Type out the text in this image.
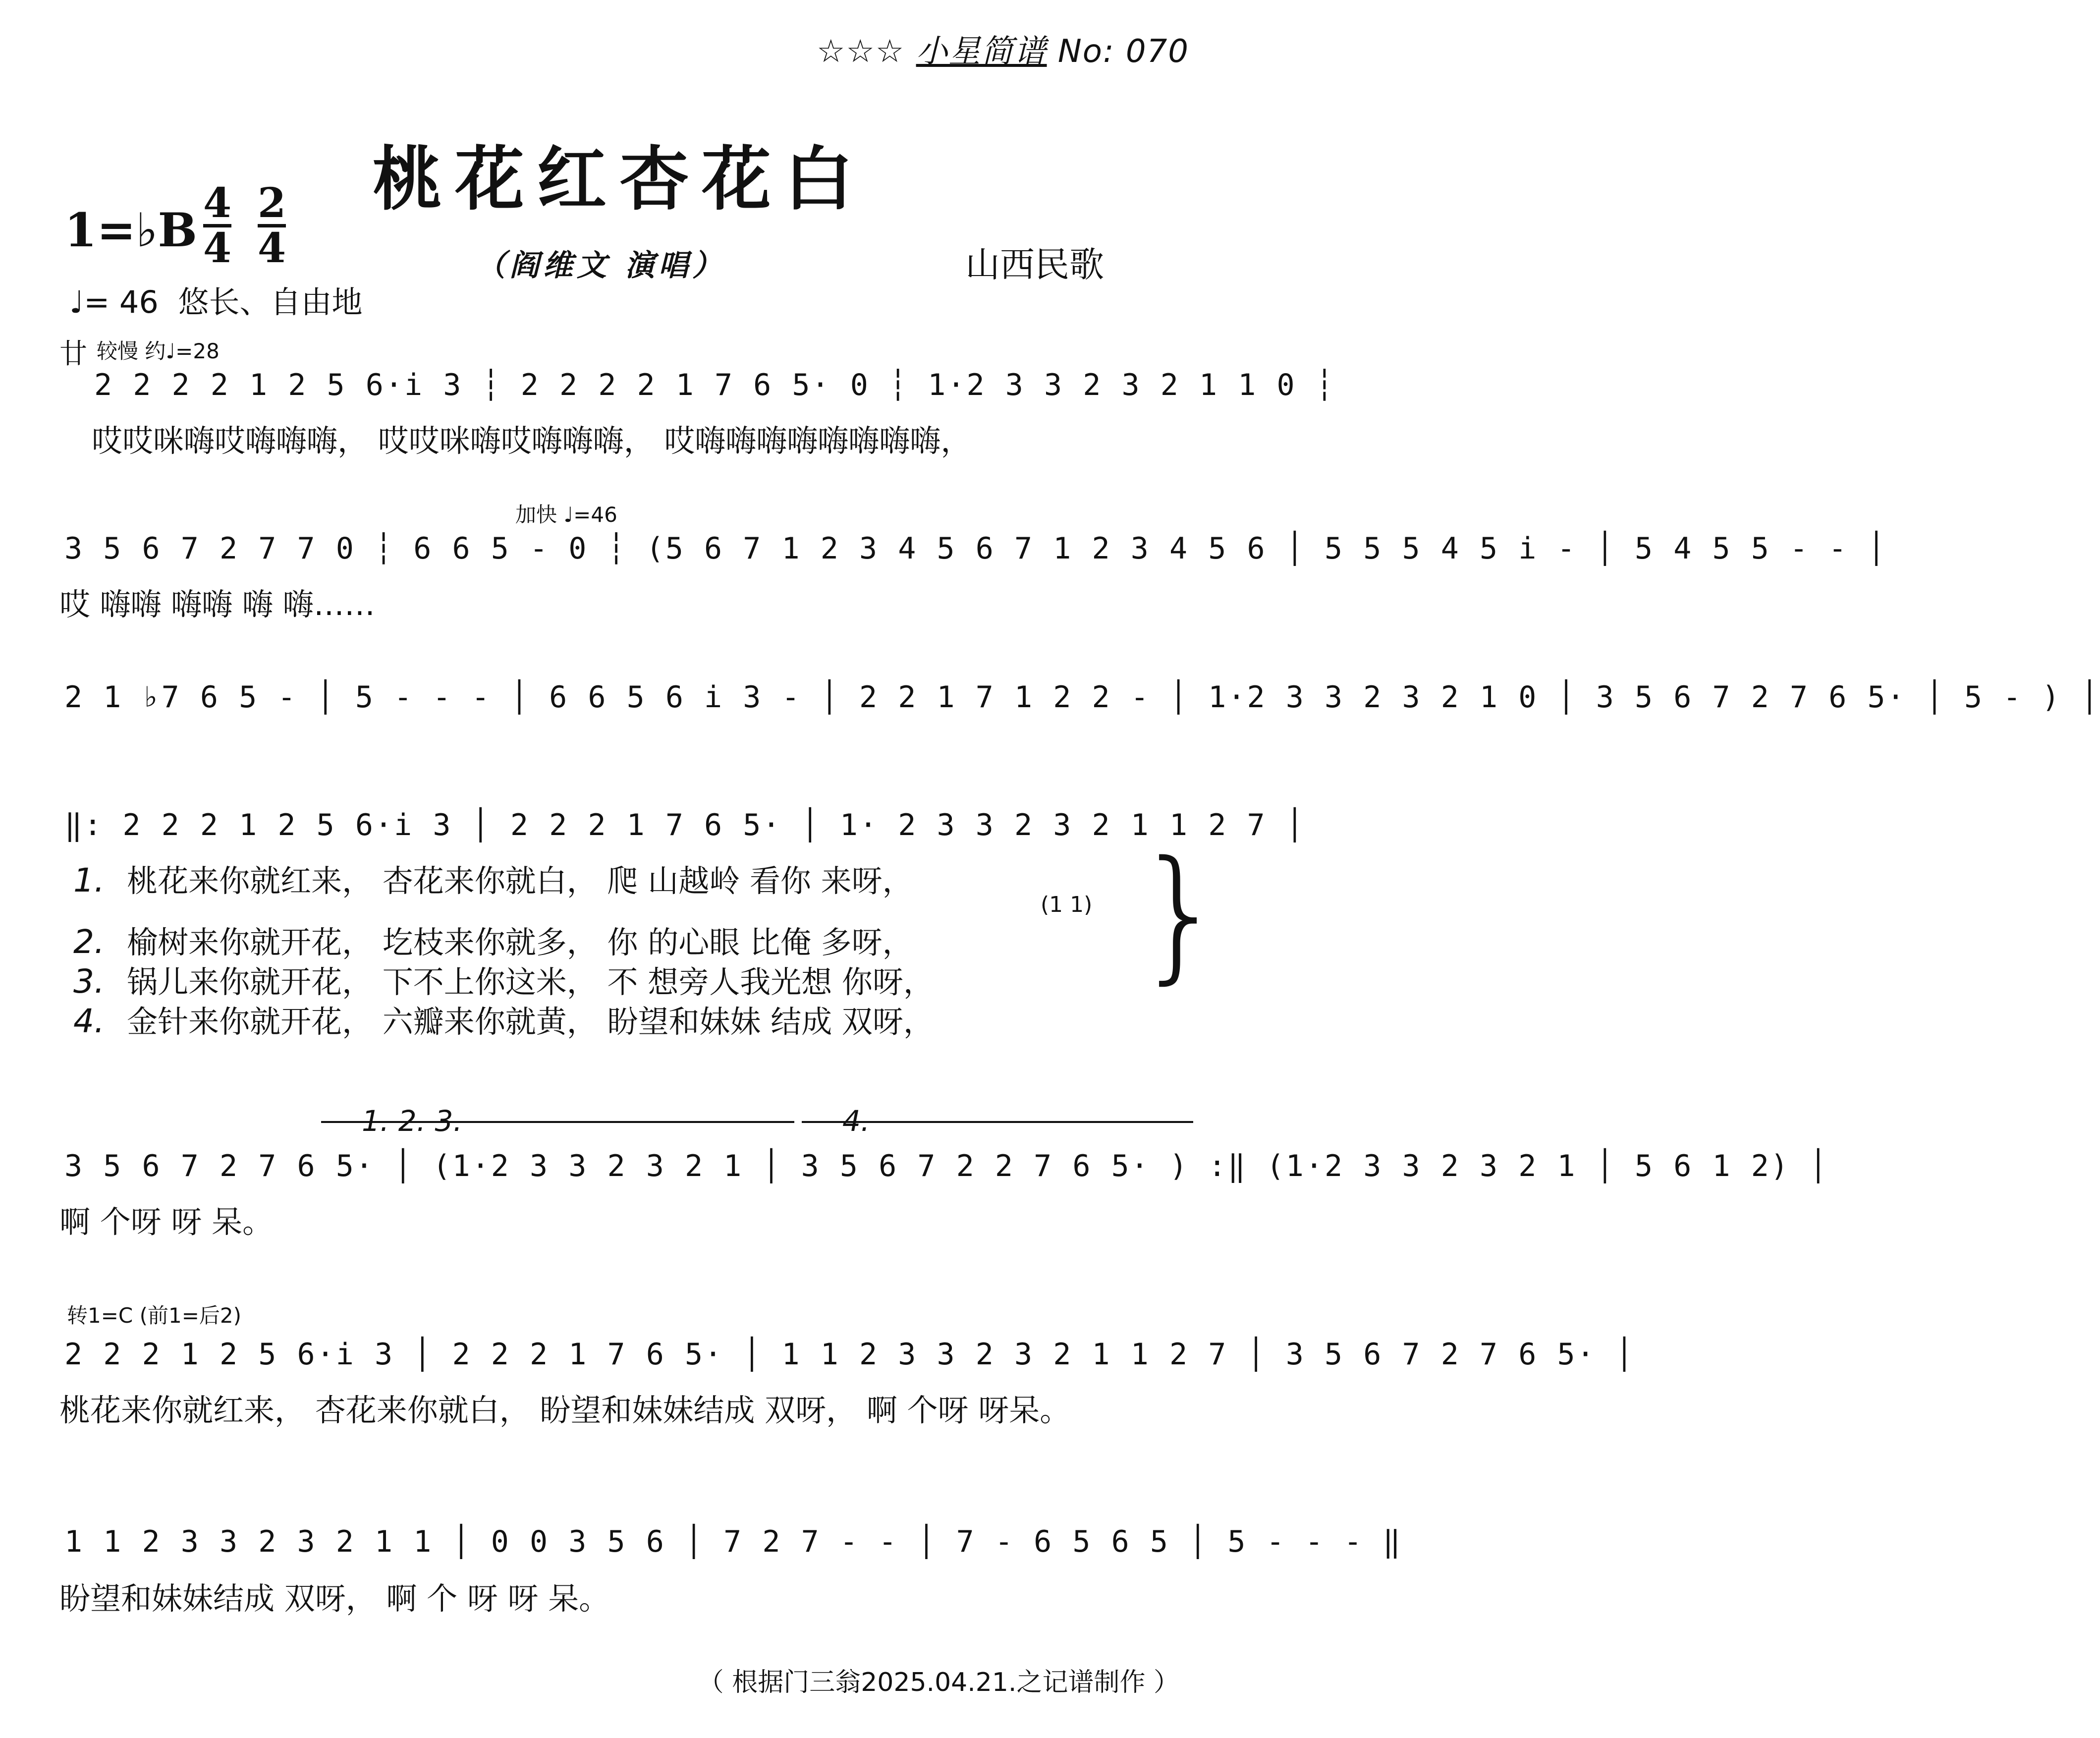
☆☆☆ 小星简谱 No: 070
桃花红杏花白
1=♭B 4
4
2
4	（阎维文 演唱）	山西民歌
♩= 46 悠长、自由地
廿 较慢 约♩=28
2 2 2 2 1 2 5 6·i 3 ┆ 2 2 2 2 1 7 6 5· 0 ┆ 1·2 3 3 2 3 2 1 1 0 ┆
哎哎咪嗨哎嗨嗨嗨， 哎哎咪嗨哎嗨嗨嗨， 哎嗨嗨嗨嗨嗨嗨嗨嗨，
加快 ♩=46
3 5 6 7 2 7 7 0 ┆ 6 6 5 - 0 ┆ (5 6 7 1 2 3 4 5 6 7 1 2 3 4 5 6 │ 5 5 5 4 5 i - │ 5 4 5 5 - - │
哎 嗨嗨 嗨嗨 嗨 嗨……
2 1 ♭7 6 5 - │ 5 - - - │ 6 6 5 6 i 3 - │ 2 2 1 7 1 2 2 - │ 1·2 3 3 2 3 2 1 0 │ 3 5 6 7 2 7 6 5· │ 5 - ) │
‖: 2 2 2 1 2 5 6·i 3 │ 2 2 2 1 7 6 5· │ 1· 2 3 3 2 3 2 1 1 2 7 │
1. 桃花来你就红来， 杏花来你就白， 爬 山越岭 看你 来呀，
(1 1)
2. 榆树来你就开花， 圪枝来你就多， 你 的心眼 比俺 多呀，
3. 锅儿来你就开花， 下不上你这米， 不 想旁人我光想 你呀，
4. 金针来你就开花， 六瓣来你就黄， 盼望和妹妹 结成 双呀，
}
1. 2. 3.	4.
3 5 6 7 2 7 6 5· │ (1·2 3 3 2 3 2 1 │ 3 5 6 7 2 2 7 6 5· ) :‖ (1·2 3 3 2 3 2 1 │ 5 6 1 2) │
啊 个呀 呀 呆。
转1=C (前1=后2)
2 2 2 1 2 5 6·i 3 │ 2 2 2 1 7 6 5· │ 1 1 2 3 3 2 3 2 1 1 2 7 │ 3 5 6 7 2 7 6 5· │
桃花来你就红来， 杏花来你就白， 盼望和妹妹结成 双呀， 啊 个呀 呀呆。
1 1 2 3 3 2 3 2 1 1 │ 0 0 3 5 6 │ 7 2 7 - - │ 7 - 6 5 6 5 │ 5 - - - ‖
盼望和妹妹结成 双呀， 啊 个 呀 呀 呆。
（ 根据门三翁2025.04.21.之记谱制作 ）
